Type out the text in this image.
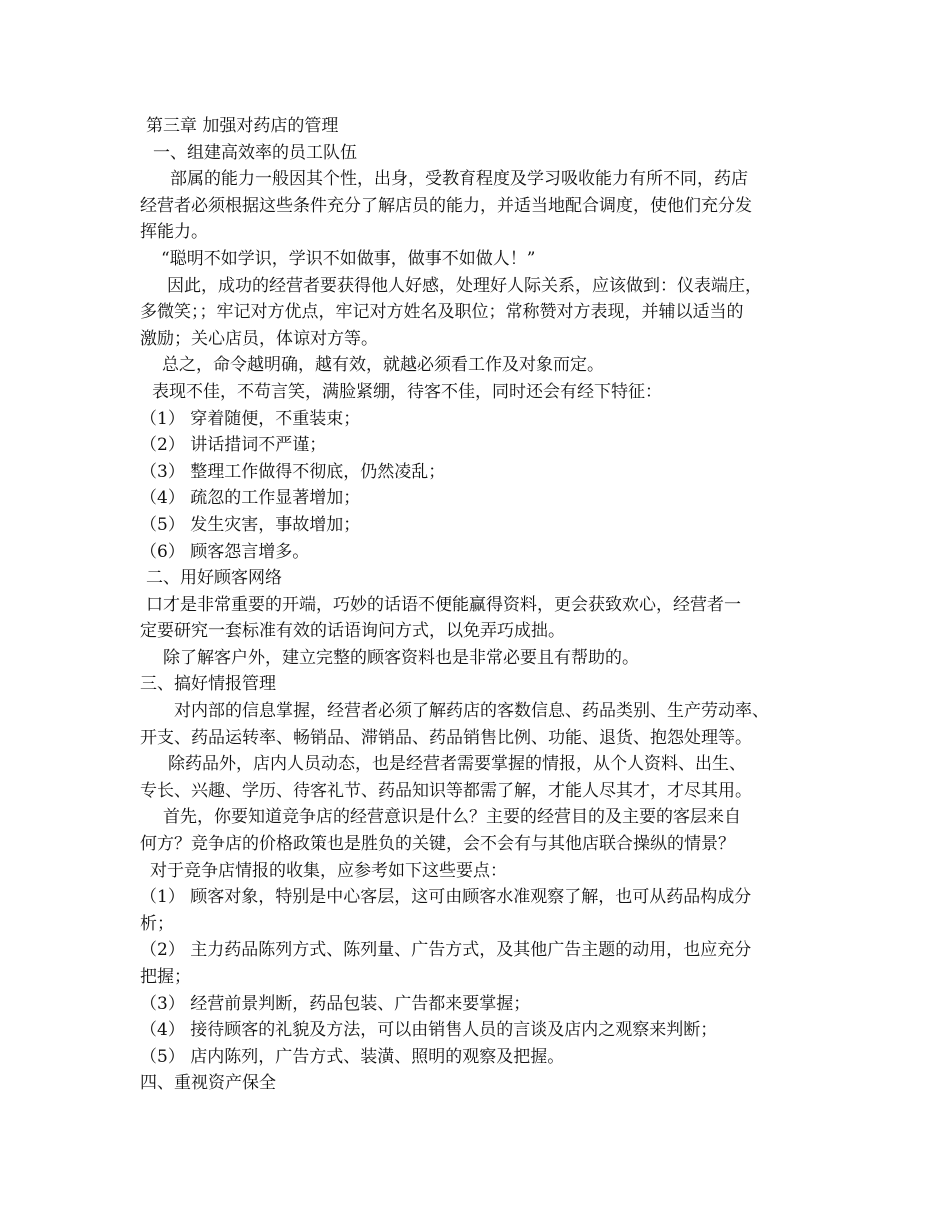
第三章 加强对药店的管理
一、组建高效率的员工队伍
部属的能力一般因其个性，出身，受教育程度及学习吸收能力有所不同，药店
经营者必须根据这些条件充分了解店员的能力，并适当地配合调度，使他们充分发
挥能力。
“聪明不如学识，学识不如做事，做事不如做人！”
因此，成功的经营者要获得他人好感，处理好人际关系，应该做到：仪表端庄，
多微笑；；牢记对方优点，牢记对方姓名及职位；常称赞对方表现，并辅以适当的
激励；关心店员，体谅对方等。
总之，命令越明确，越有效，就越必须看工作及对象而定。
表现不佳，不苟言笑，满脸紧绷，待客不佳，同时还会有经下特征：
（1） 穿着随便，不重装束；
（2） 讲话措词不严谨；
（3） 整理工作做得不彻底，仍然凌乱；
（4） 疏忽的工作显著增加；
（5） 发生灾害，事故增加；
（6） 顾客怨言增多。
二、用好顾客网络
口才是非常重要的开端，巧妙的话语不便能赢得资料，更会获致欢心，经营者一
定要研究一套标准有效的话语询问方式，以免弄巧成拙。
除了解客户外，建立完整的顾客资料也是非常必要且有帮助的。
三、搞好情报管理
对内部的信息掌握，经营者必须了解药店的客数信息、药品类别、生产劳动率、
开支、药品运转率、畅销品、滞销品、药品销售比例、功能、退货、抱怨处理等。
除药品外，店内人员动态，也是经营者需要掌握的情报，从个人资料、出生、
专长、兴趣、学历、待客礼节、药品知识等都需了解，才能人尽其才，才尽其用。
首先，你要知道竞争店的经营意识是什么？主要的经营目的及主要的客层来自
何方？竞争店的价格政策也是胜负的关键，会不会有与其他店联合操纵的情景？
对于竞争店情报的收集，应参考如下这些要点：
（1） 顾客对象，特别是中心客层，这可由顾客水准观察了解，也可从药品构成分
析；
（2） 主力药品陈列方式、陈列量、广告方式，及其他广告主题的动用，也应充分
把握；
（3） 经营前景判断，药品包装、广告都来要掌握；
（4） 接待顾客的礼貌及方法，可以由销售人员的言谈及店内之观察来判断；
（5） 店内陈列，广告方式、装潢、照明的观察及把握。
四、重视资产保全
